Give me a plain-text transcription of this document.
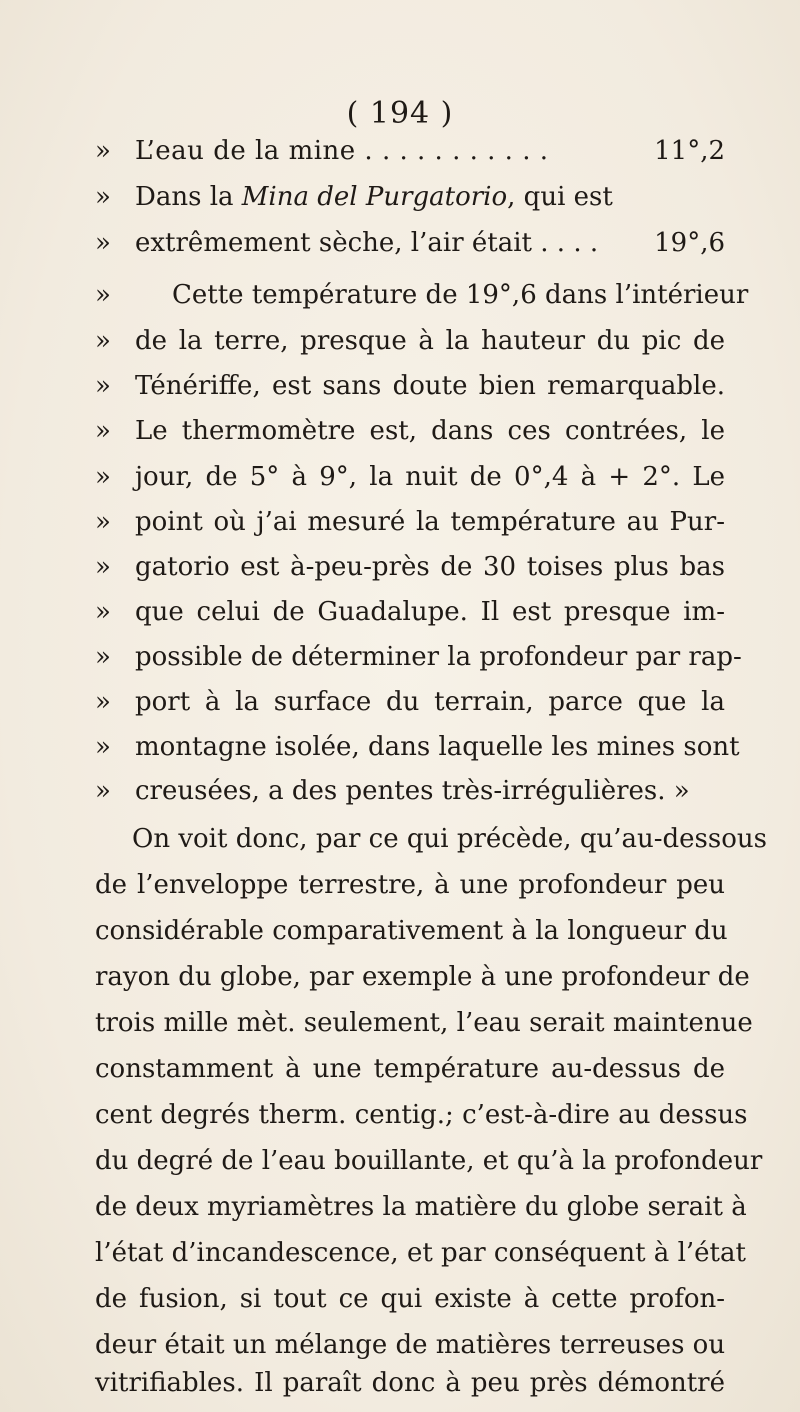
( 194 )
» L’eau de la mine . . . . . . . . . . .	11°,2
» Dans la Mina del Purgatorio, qui est
» extrêmement sèche, l’air était . . . .	19°,6
»	Cette température de 19°,6 dans l’intérieur
» de la terre, presque à la hauteur du pic de
» Ténériffe, est sans doute bien remarquable.
» Le thermomètre est, dans ces contrées, le
» jour, de 5° à 9°, la nuit de 0°,4 à + 2°. Le
» point où j’ai mesuré la température au Pur-
» gatorio est à-peu-près de 30 toises plus bas
» que celui de Guadalupe. Il est presque im-
» possible de déterminer la profondeur par rap-
» port à la surface du terrain, parce que la
» montagne isolée, dans laquelle les mines sont
» creusées, a des pentes très-irrégulières. »
On voit donc, par ce qui précède, qu’au-dessous
de l’enveloppe terrestre, à une profondeur peu
considérable comparativement à la longueur du
rayon du globe, par exemple à une profondeur de
trois mille mèt. seulement, l’eau serait maintenue
constamment à une température au-dessus de
cent degrés therm. centig.; c’est-à-dire au dessus
du degré de l’eau bouillante, et qu’à la profondeur
de deux myriamètres la matière du globe serait à
l’état d’incandescence, et par conséquent à l’état
de fusion, si tout ce qui existe à cette profon-
deur était un mélange de matières terreuses ou
vitrifiables. Il paraît donc à peu près démontré
